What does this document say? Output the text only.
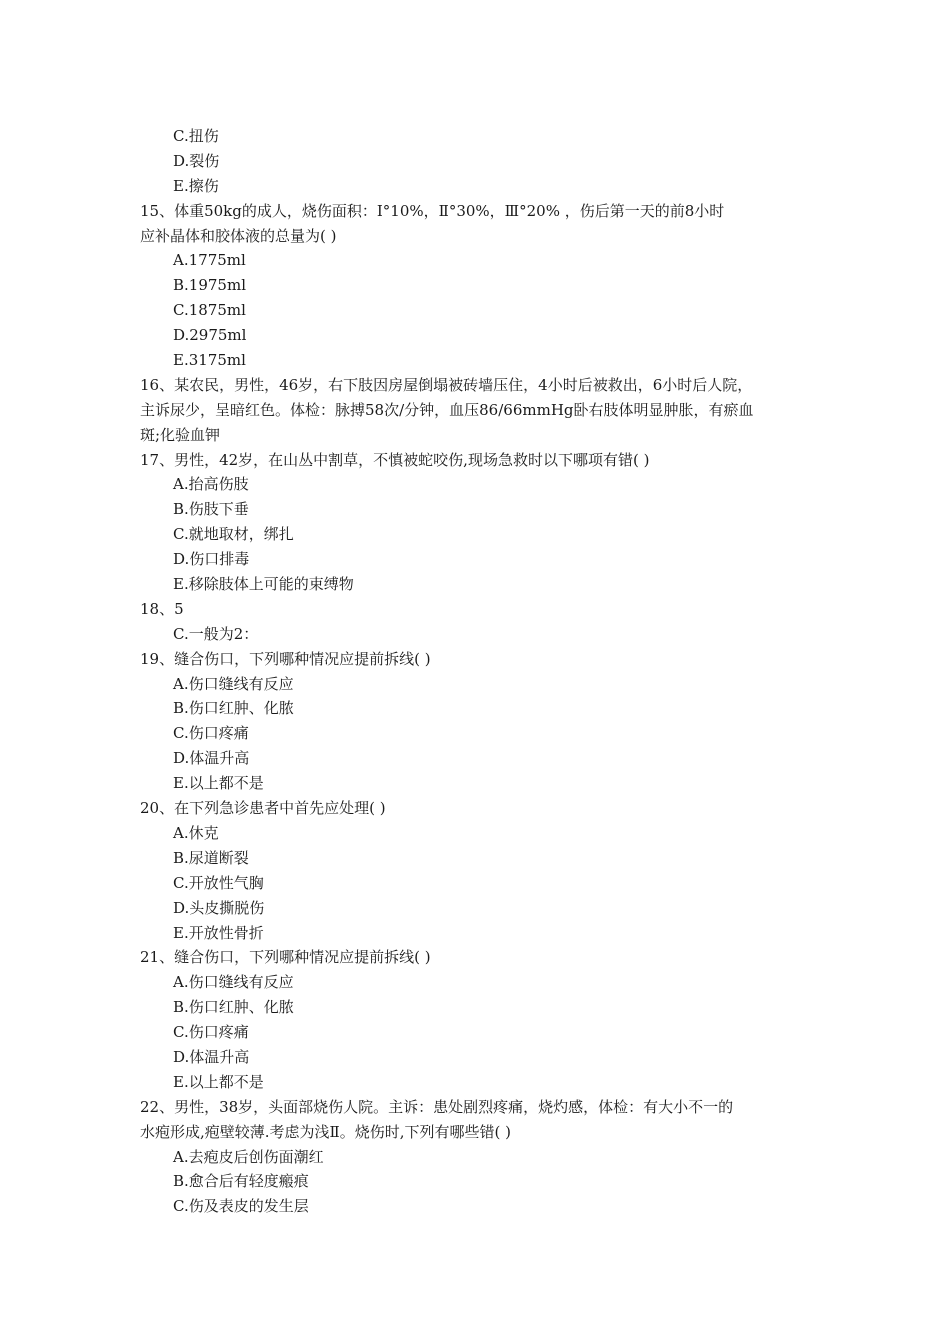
C.扭伤
D.裂伤
E.擦伤
15、体重50kg的成人，烧伤面积：Ⅰ°10%，Ⅱ°30%，Ⅲ°20% ，伤后第一天的前8小时
应补晶体和胶体液的总量为( )
A.1775ml
B.1975ml
C.1875ml
D.2975ml
E.3175ml
16、某农民，男性，46岁，右下肢因房屋倒塌被砖墙压住，4小时后被救出，6小时后人院，
主诉尿少，呈暗红色。体检：脉搏58次/分钟，血压86/66mmHg卧右肢体明显肿胀，有瘀血
斑;化验血钾
17、男性，42岁，在山丛中割草，不慎被蛇咬伤,现场急救时以下哪项有错( )
A.抬高伤肢
B.伤肢下垂
C.就地取材，绑扎
D.伤口排毒
E.移除肢体上可能的束缚物
18、5
C.一般为2：
19、缝合伤口，下列哪种情况应提前拆线( )
A.伤口缝线有反应
B.伤口红肿、化脓
C.伤口疼痛
D.体温升高
E.以上都不是
20、在下列急诊患者中首先应处理( )
A.休克
B.尿道断裂
C.开放性气胸
D.头皮撕脱伤
E.开放性骨折
21、缝合伤口，下列哪种情况应提前拆线( )
A.伤口缝线有反应
B.伤口红肿、化脓
C.伤口疼痛
D.体温升高
E.以上都不是
22、男性，38岁，头面部烧伤人院。主诉：患处剧烈疼痛，烧灼感，体检：有大小不一的
水疱形成,疱壁较薄.考虑为浅Ⅱ。烧伤时,下列有哪些错( )
A.去疱皮后创伤面潮红
B.愈合后有轻度瘢痕
C.伤及表皮的发生层
